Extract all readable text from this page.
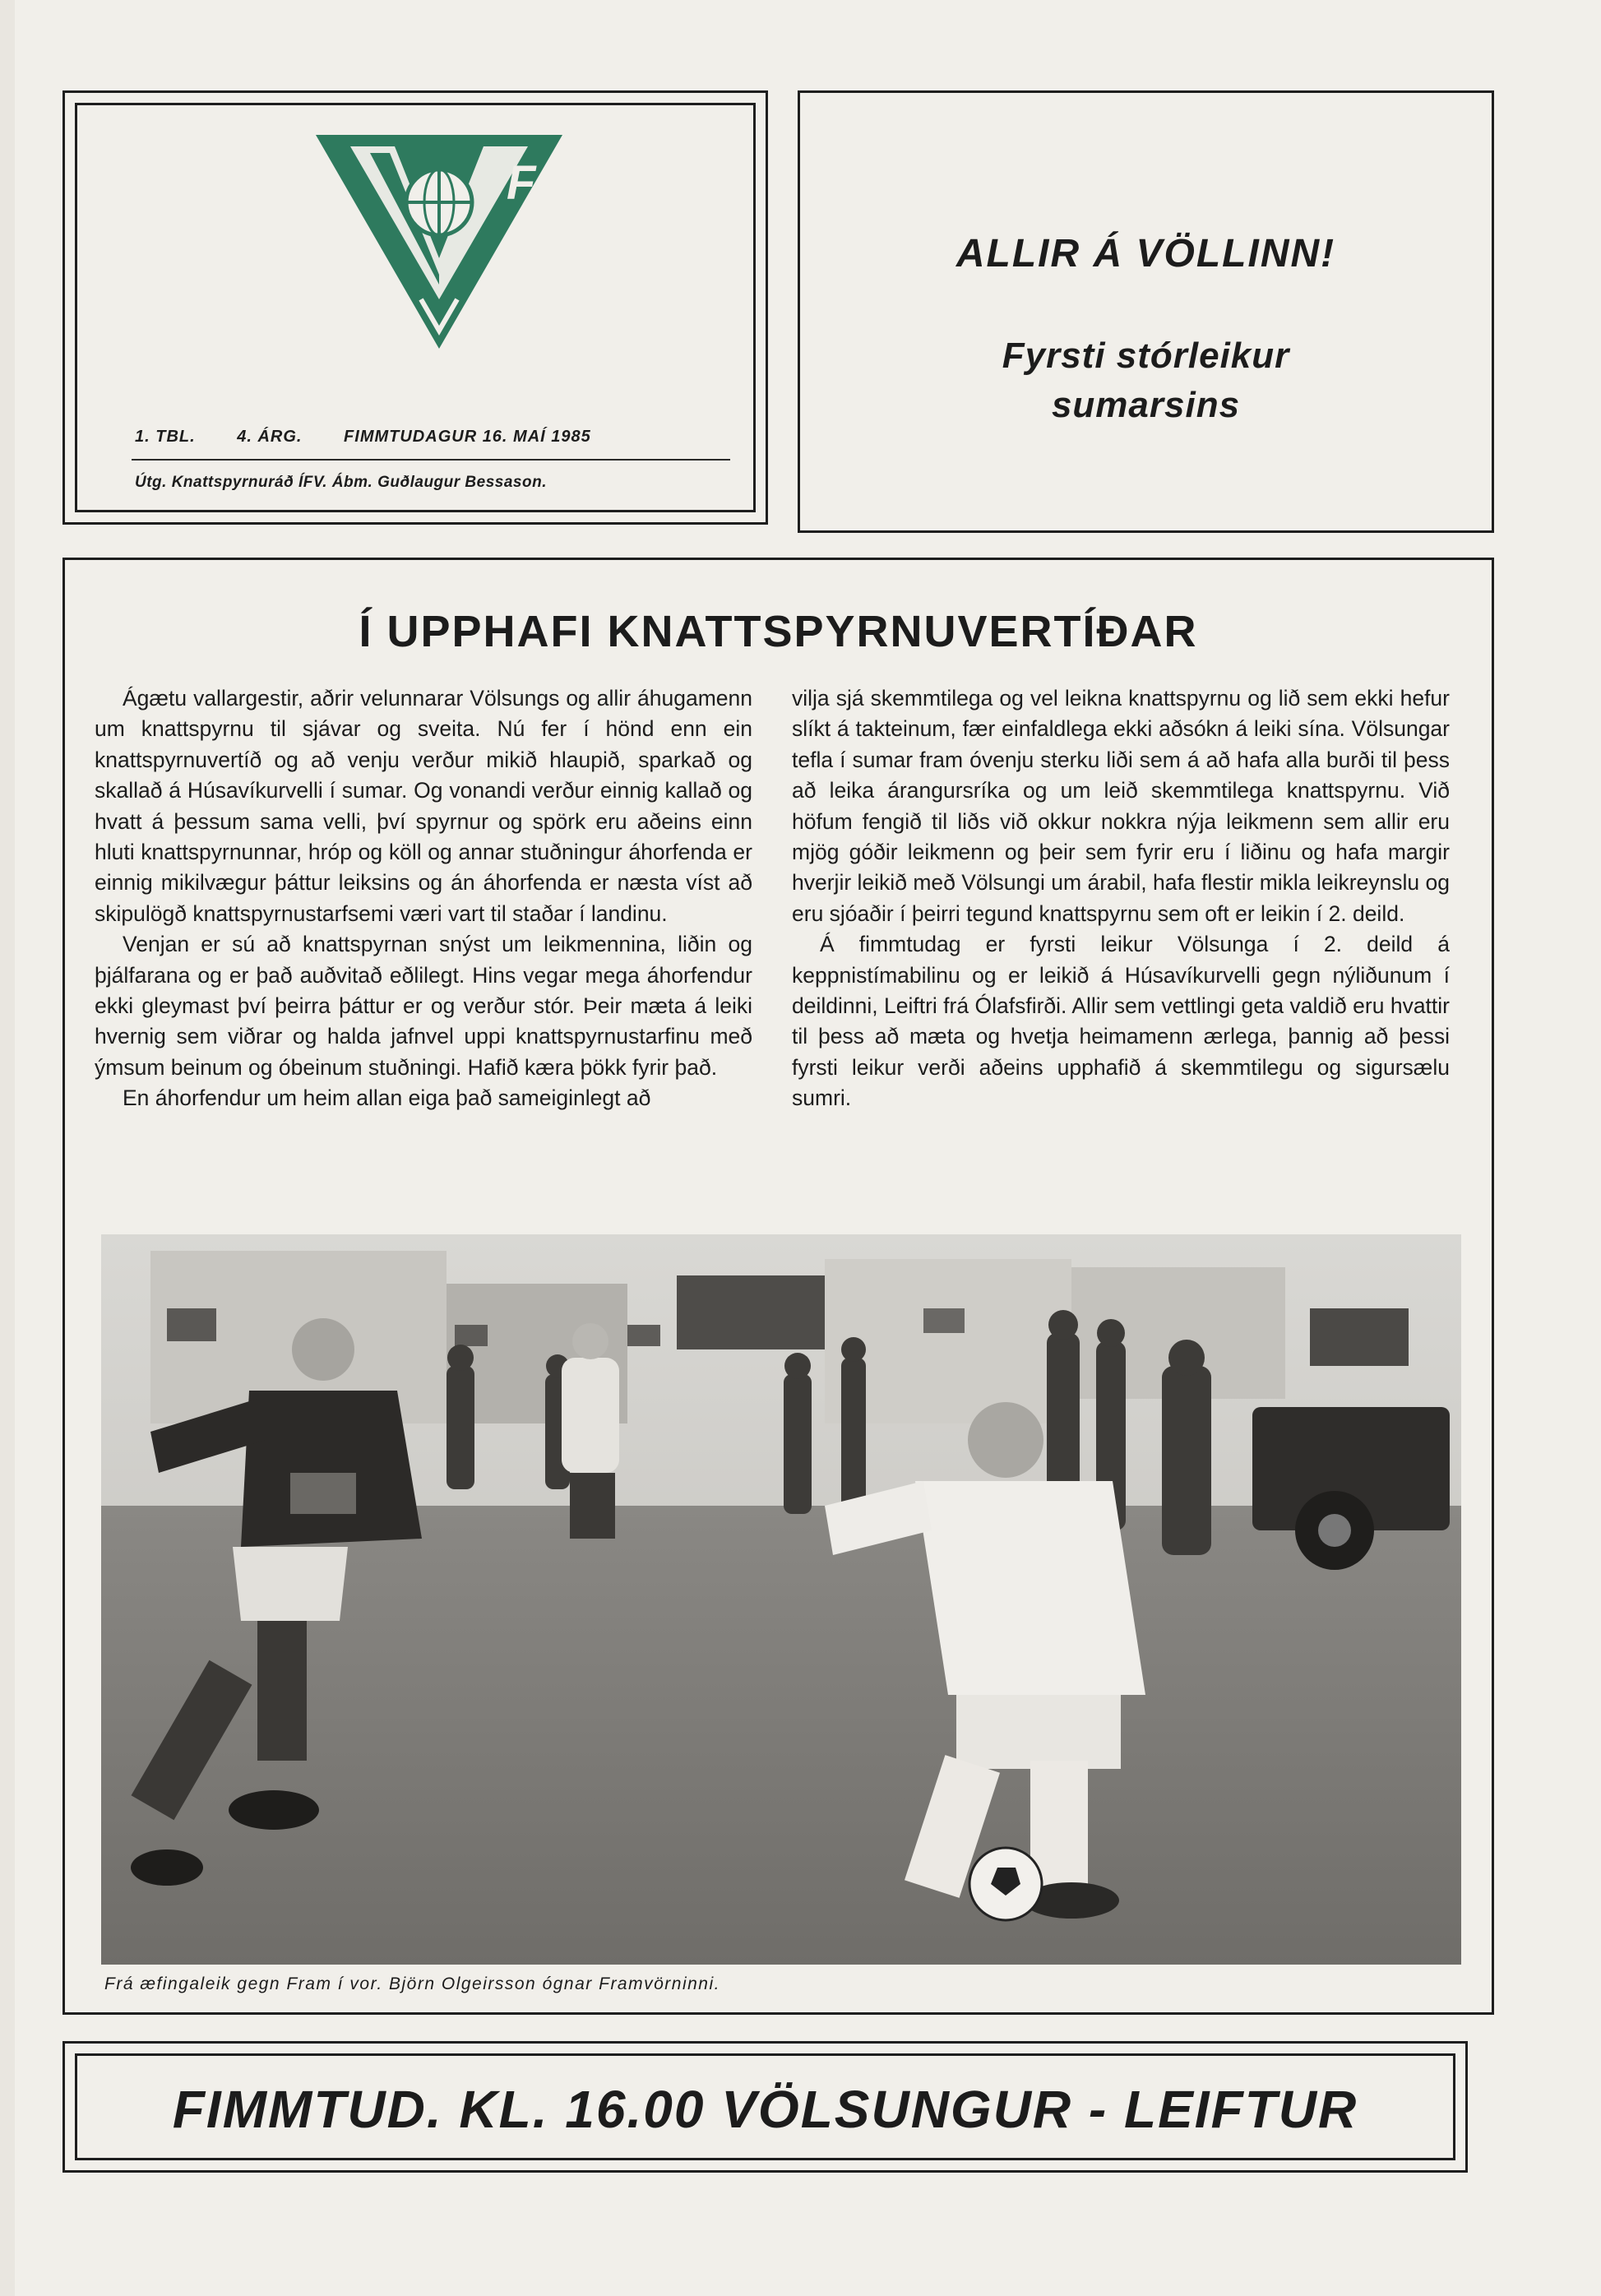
F
1. TBL.	4. ÁRG.	FIMMTUDAGUR 16. MAÍ 1985
Útg. Knattspyrnuráð ÍFV. Ábm. Guðlaugur Bessason.
ALLIR Á VÖLLINN!
Fyrsti stórleikur
sumarsins
Í UPPHAFI KNATTSPYRNUVERTÍÐAR

Ágætu vallargestir, aðrir velunnarar Völsungs og allir áhugamenn um knattspyrnu til sjávar og sveita. Nú fer í hönd enn ein knattspyrnuvertíð og að venju verður mikið hlaupið, sparkað og skallað á Húsavíkurvelli í sumar. Og vonandi verður einnig kallað og hvatt á þessum sama velli, því spyrnur og spörk eru aðeins einn hluti knattspyrnunnar, hróp og köll og annar stuðningur áhorfenda er einnig mikilvægur þáttur leiksins og án áhorfenda er næsta víst að skipulögð knattspyrnustarfsemi væri vart til staðar í landinu.

Venjan er sú að knattspyrnan snýst um leikmennina, liðin og þjálfarana og er það auðvitað eðlilegt. Hins vegar mega áhorfendur ekki gleymast því þeirra þáttur er og verður stór. Þeir mæta á leiki hvernig sem viðrar og halda jafnvel uppi knattspyrnustarfinu með ýmsum beinum og óbeinum stuðningi. Hafið kæra þökk fyrir það.

En áhorfendur um heim allan eiga það sameiginlegt að

vilja sjá skemmtilega og vel leikna knattspyrnu og lið sem ekki hefur slíkt á takteinum, fær einfaldlega ekki aðsókn á leiki sína. Völsungar tefla í sumar fram óvenju sterku liði sem á að hafa alla burði til þess að leika árangursríka og um leið skemmtilega knattspyrnu. Við höfum fengið til liðs við okkur nokkra nýja leikmenn sem allir eru mjög góðir leikmenn og þeir sem fyrir eru í liðinu og hafa margir hverjir leikið með Völsungi um árabil, hafa flestir mikla leikreynslu og eru sjóaðir í þeirri tegund knattspyrnu sem oft er leikin í 2. deild.

Á fimmtudag er fyrsti leikur Völsunga í 2. deild á keppnistímabilinu og er leikið á Húsavíkurvelli gegn nýliðunum í deildinni, Leiftri frá Ólafsfirði. Allir sem vettlingi geta valdið eru hvattir til þess að mæta og hvetja heimamenn ærlega, þannig að þessi fyrsti leikur verði aðeins upphafið á skemmtilegu og sigursælu sumri.

Frá æfingaleik gegn Fram í vor. Björn Olgeirsson ógnar Framvörninni.
FIMMTUD. KL. 16.00 VÖLSUNGUR - LEIFTUR
